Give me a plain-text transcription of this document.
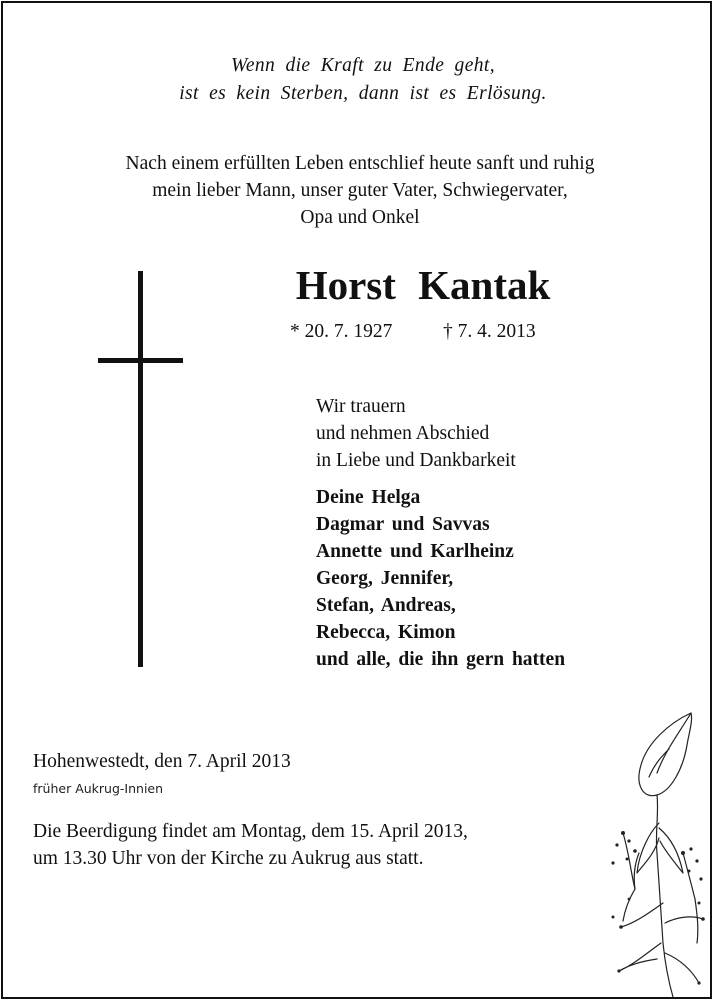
Wenn die Kraft zu Ende geht,
ist es kein Sterben, dann ist es Erlösung.
Nach einem erfüllten Leben entschlief heute sanft und ruhig
mein lieber Mann, unser guter Vater, Schwiegervater,
Opa und Onkel
Horst Kantak
* 20. 7. 1927	† 7. 4. 2013
Wir trauern
und nehmen Abschied
in Liebe und Dankbarkeit
Deine Helga
Dagmar und Savvas
Annette und Karlheinz
Georg, Jennifer,
Stefan, Andreas,
Rebecca, Kimon
und alle, die ihn gern hatten
Hohenwestedt, den 7. April 2013
früher Aukrug-Innien
Die Beerdigung findet am Montag, dem 15. April 2013,
um 13.30 Uhr von der Kirche zu Aukrug aus statt.
